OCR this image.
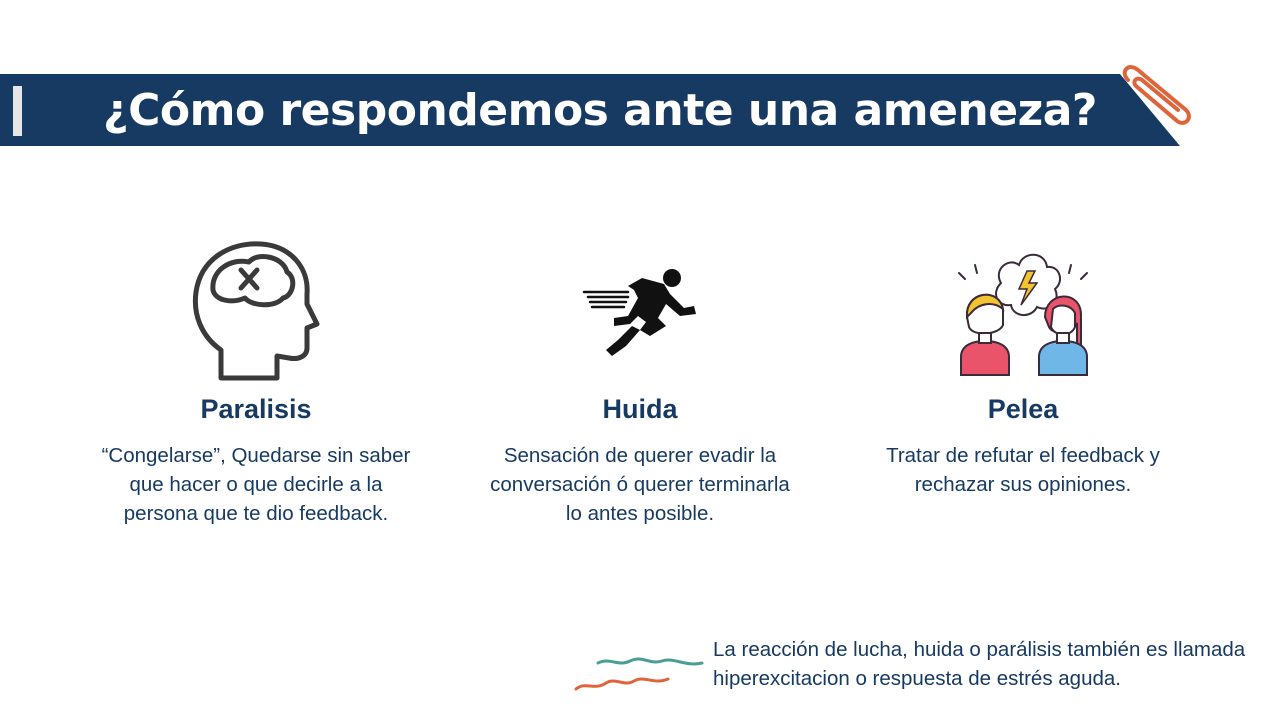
¿Cómo respondemos ante una ameneza?
Paralisis

“Congelarse”, Quedarse sin saber que hacer o que decirle a la persona que te dio feedback.

Huida

Sensación de querer evadir la conversación ó querer terminarla lo antes posible.

Pelea

Tratar de refutar el feedback y rechazar sus opiniones.

La reacción de lucha, huida o parálisis también es llamada hiperexcitacion o respuesta de estrés aguda.
